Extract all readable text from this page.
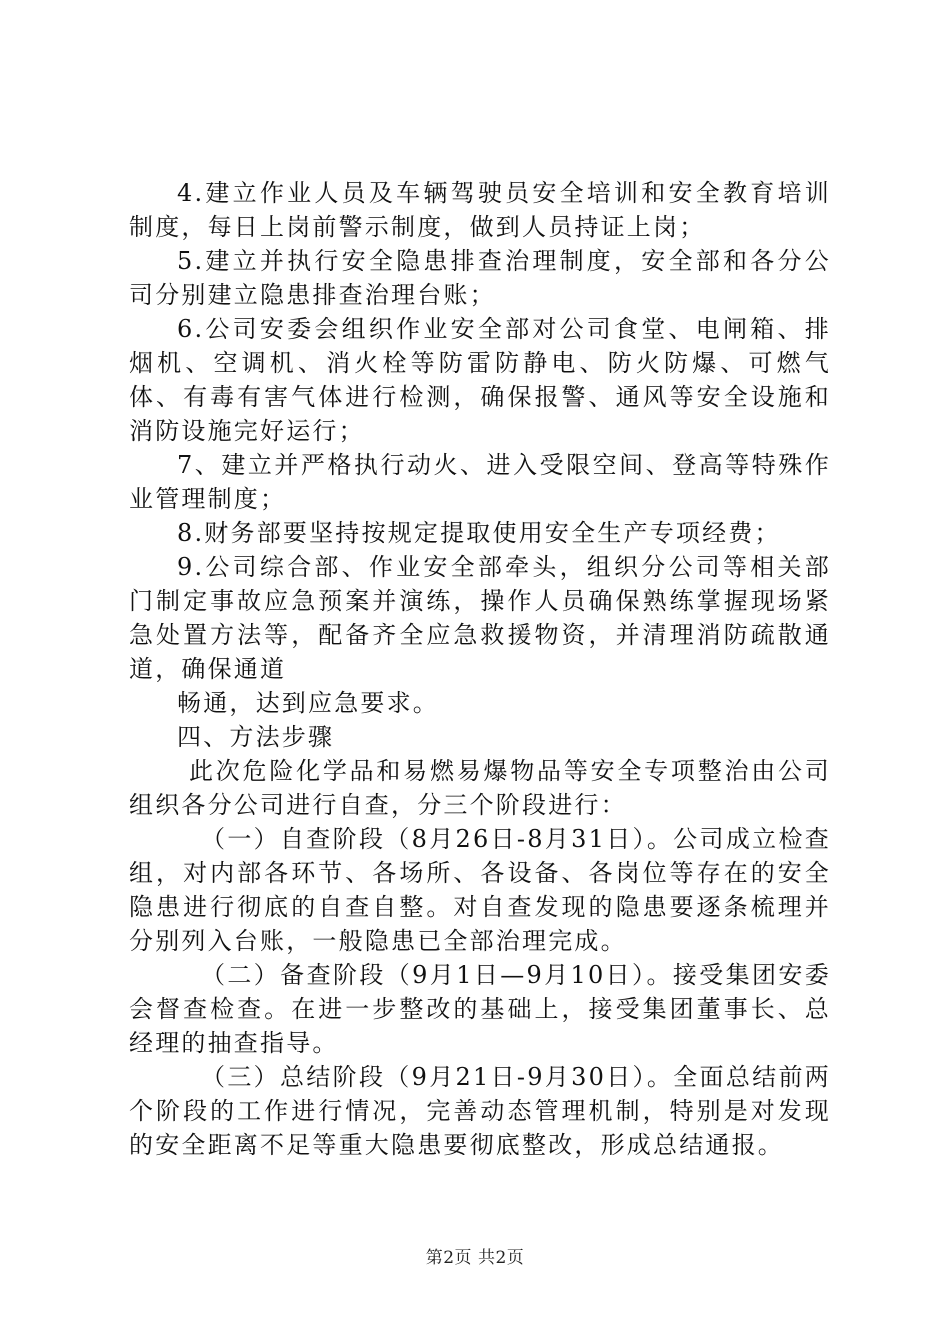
4.建立作业人员及车辆驾驶员安全培训和安全教育培训制度，每日上岗前警示制度，做到人员持证上岗；

5.建立并执行安全隐患排查治理制度，安全部和各分公司分别建立隐患排查治理台账；

6.公司安委会组织作业安全部对公司食堂、电闸箱、排烟机、空调机、消火栓等防雷防静电、防火防爆、可燃气体、有毒有害气体进行检测，确保报警、通风等安全设施和消防设施完好运行；

7、建立并严格执行动火、进入受限空间、登高等特殊作业管理制度；

8.财务部要坚持按规定提取使用安全生产专项经费；

9.公司综合部、作业安全部牵头，组织分公司等相关部门制定事故应急预案并演练，操作人员确保熟练掌握现场紧急处置方法等，配备齐全应急救援物资，并清理消防疏散通道，确保通道

畅通，达到应急要求。

四、方法步骤

此次危险化学品和易燃易爆物品等安全专项整治由公司组织各分公司进行自查，分三个阶段进行：

（一）自查阶段（8月26日-8月31日）。公司成立检查组，对内部各环节、各场所、各设备、各岗位等存在的安全隐患进行彻底的自查自整。对自查发现的隐患要逐条梳理并分别列入台账，一般隐患已全部治理完成。

（二）备查阶段（9月1日—9月10日）。接受集团安委会督查检查。在进一步整改的基础上，接受集团董事长、总经理的抽查指导。

（三）总结阶段（9月21日-9月30日）。全面总结前两个阶段的工作进行情况，完善动态管理机制，特别是对发现的安全距离不足等重大隐患要彻底整改，形成总结通报。

第2页 共2页
